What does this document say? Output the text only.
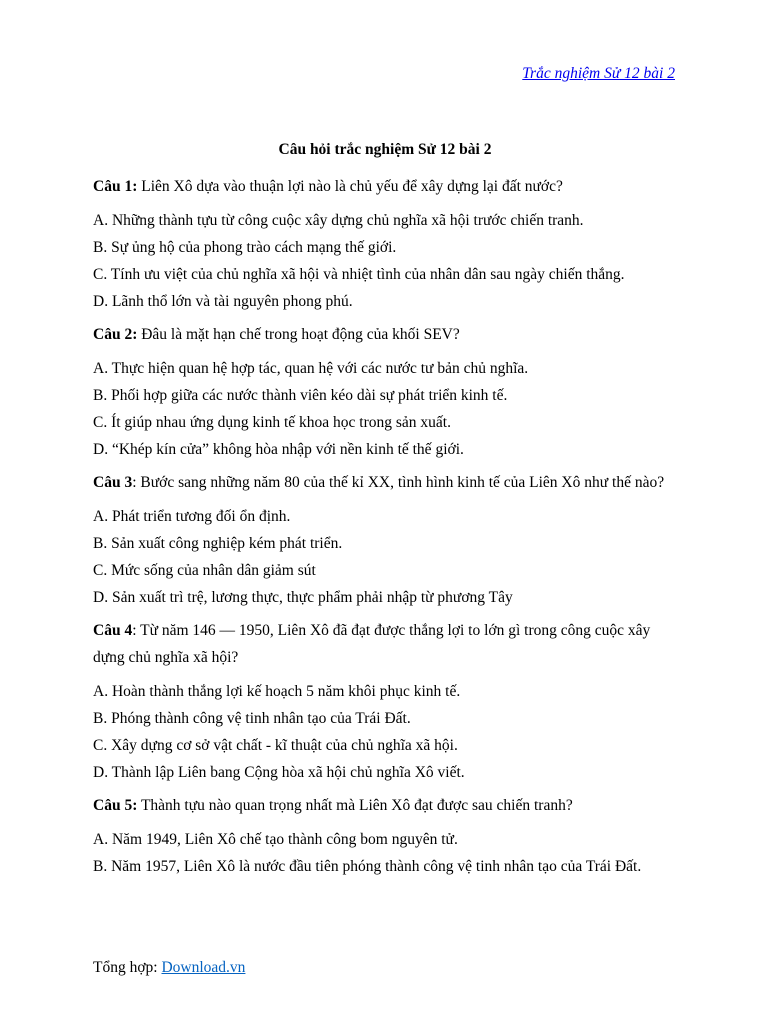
Trắc nghiệm Sử 12 bài 2
Câu hỏi trắc nghiệm Sử 12 bài 2
Câu 1: Liên Xô dựa vào thuận lợi nào là chủ yếu để xây dựng lại đất nước?
A. Những thành tựu từ công cuộc xây dựng chủ nghĩa xã hội trước chiến tranh.
B. Sự ủng hộ của phong trào cách mạng thế giới.
C. Tính ưu việt của chủ nghĩa xã hội và nhiệt tình của nhân dân sau ngày chiến thắng.
D. Lãnh thổ lớn và tài nguyên phong phú.
Câu 2: Đâu là mặt hạn chế trong hoạt động của khối SEV?
A. Thực hiện quan hệ hợp tác, quan hệ với các nước tư bản chủ nghĩa.
B. Phối hợp giữa các nước thành viên kéo dài sự phát triển kinh tế.
C. Ít giúp nhau ứng dụng kinh tế khoa học trong sản xuất.
D. “Khép kín cửa” không hòa nhập với nền kinh tế thế giới.
Câu 3: Bước sang những năm 80 của thế kỉ XX, tình hình kinh tế của Liên Xô như thế nào?
A. Phát triển tương đối ổn định.
B. Sản xuất công nghiệp kém phát triển.
C. Mức sống của nhân dân giảm sút
D. Sản xuất trì trệ, lương thực, thực phẩm phải nhập từ phương Tây
Câu 4: Từ năm 146 — 1950, Liên Xô đã đạt được thắng lợi to lớn gì trong công cuộc xây dựng chủ nghĩa xã hội?
A. Hoàn thành thắng lợi kế hoạch 5 năm khôi phục kinh tế.
B. Phóng thành công vệ tinh nhân tạo của Trái Đất.
C. Xây dựng cơ sở vật chất - kĩ thuật của chủ nghĩa xã hội.
D. Thành lập Liên bang Cộng hòa xã hội chủ nghĩa Xô viết.
Câu 5: Thành tựu nào quan trọng nhất mà Liên Xô đạt được sau chiến tranh?
A. Năm 1949, Liên Xô chế tạo thành công bom nguyên tử.
B. Năm 1957, Liên Xô là nước đầu tiên phóng thành công vệ tinh nhân tạo của Trái Đất.
Tổng hợp: Download.vn
